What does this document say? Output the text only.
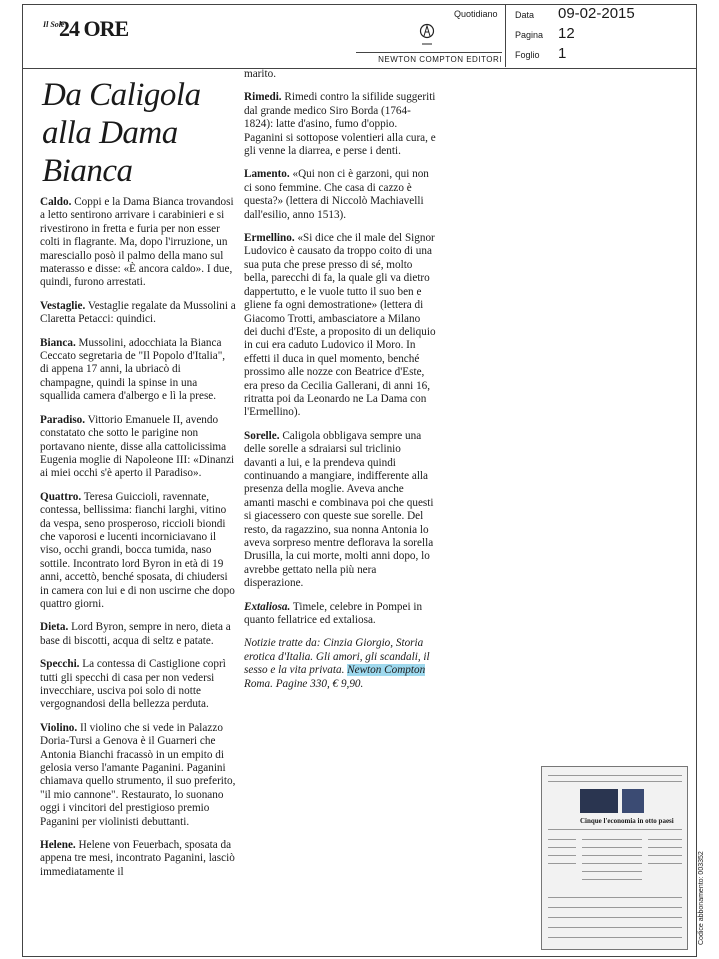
Il Sole
24 ORE
Quotidiano
NEWTON COMPTON EDITORI
Data 09-02-2015
Pagina 12
Foglio 1
Da Caligola
alla Dama
Bianca

Caldo. Coppi e la Dama Bianca trovandosi a letto sentirono arrivare i carabinieri e si rivestirono in fretta e furia per non esser colti in flagrante. Ma, dopo l'irruzione, un maresciallo posò il palmo della mano sul materasso e disse: «È ancora caldo». I due, quindi, furono arrestati.

Vestaglie. Vestaglie regalate da Mussolini a Claretta Petacci: quindici.

Bianca. Mussolini, adocchiata la Bianca Ceccato segretaria de "Il Popolo d'Italia", di appena 17 anni, la ubriacò di champagne, quindi la spinse in una squallida camera d'albergo e lì la prese.

Paradiso. Vittorio Emanuele II, avendo constatato che sotto le parigine non portavano niente, disse alla cattolicissima Eugenia moglie di Napoleone III: «Dinanzi ai miei occhi s'è aperto il Paradiso».

Quattro. Teresa Guiccioli, ravennate, contessa, bellissima: fianchi larghi, vitino da vespa, seno prosperoso, riccioli biondi che vaporosi e lucenti incorniciavano il viso, occhi grandi, bocca tumida, naso sottile. Incontrato lord Byron in età di 19 anni, accettò, benché sposata, di chiudersi in camera con lui e di non uscirne che dopo quattro giorni.

Dieta. Lord Byron, sempre in nero, dieta a base di biscotti, acqua di seltz e patate.

Specchi. La contessa di Castiglione coprì tutti gli specchi di casa per non vedersi invecchiare, usciva poi solo di notte vergognandosi della bellezza perduta.

Violino. Il violino che si vede in Palazzo Doria-Tursi a Genova è il Guarneri che Antonia Bianchi fracassò in un empito di gelosia verso l'amante Paganini. Paganini chiamava quello strumento, il suo preferito, "il mio cannone". Restaurato, lo suonano oggi i vincitori del prestigioso premio Paganini per violinisti debuttanti.

Helene. Helene von Feuerbach, sposata da appena tre mesi, incontrato Paganini, lasciò immediatamente il

marito.

Rimedi. Rimedi contro la sifilide suggeriti dal grande medico Siro Borda (1764-1824): latte d'asino, fumo d'oppio. Paganini si sottopose volentieri alla cura, e gli venne la diarrea, e perse i denti.

Lamento. «Qui non ci è garzoni, qui non ci sono femmine. Che casa di cazzo è questa?» (lettera di Niccolò Machiavelli dall'esilio, anno 1513).

Ermellino. «Si dice che il male del Signor Ludovico è causato da troppo coito di una sua puta che prese presso di sé, molto bella, parecchi di fa, la quale gli va dietro dappertutto, e le vuole tutto il suo ben e gliene fa ogni demostratione» (lettera di Giacomo Trotti, ambasciatore a Milano dei duchi d'Este, a proposito di un deliquio in cui era caduto Ludovico il Moro. In effetti il duca in quel momento, benché prossimo alle nozze con Beatrice d'Este, era preso da Cecilia Gallerani, di anni 16, ritratta poi da Leonardo ne La Dama con l'Ermellino).

Sorelle. Caligola obbligava sempre una delle sorelle a sdraiarsi sul triclinio davanti a lui, e la prendeva quindi continuando a mangiare, indifferente alla presenza della moglie. Aveva anche amanti maschi e combinava poi che questi si giacessero con queste sue sorelle. Del resto, da ragazzino, sua nonna Antonia lo aveva sorpreso mentre deflorava la sorella Drusilla, la cui morte, molti anni dopo, lo avrebbe gettato nella più nera disperazione.

Extaliosa. Timele, celebre in Pompei in quanto fellatrice ed extaliosa.

Notizie tratte da: Cinzia Giorgio, Storia erotica d'Italia. Gli amori, gli scandali, il sesso e la vita privata. Newton Compton Roma. Pagine 330, € 9,90.

Cinque l'economia in otto paesi
Codice abbonamento: 003352
